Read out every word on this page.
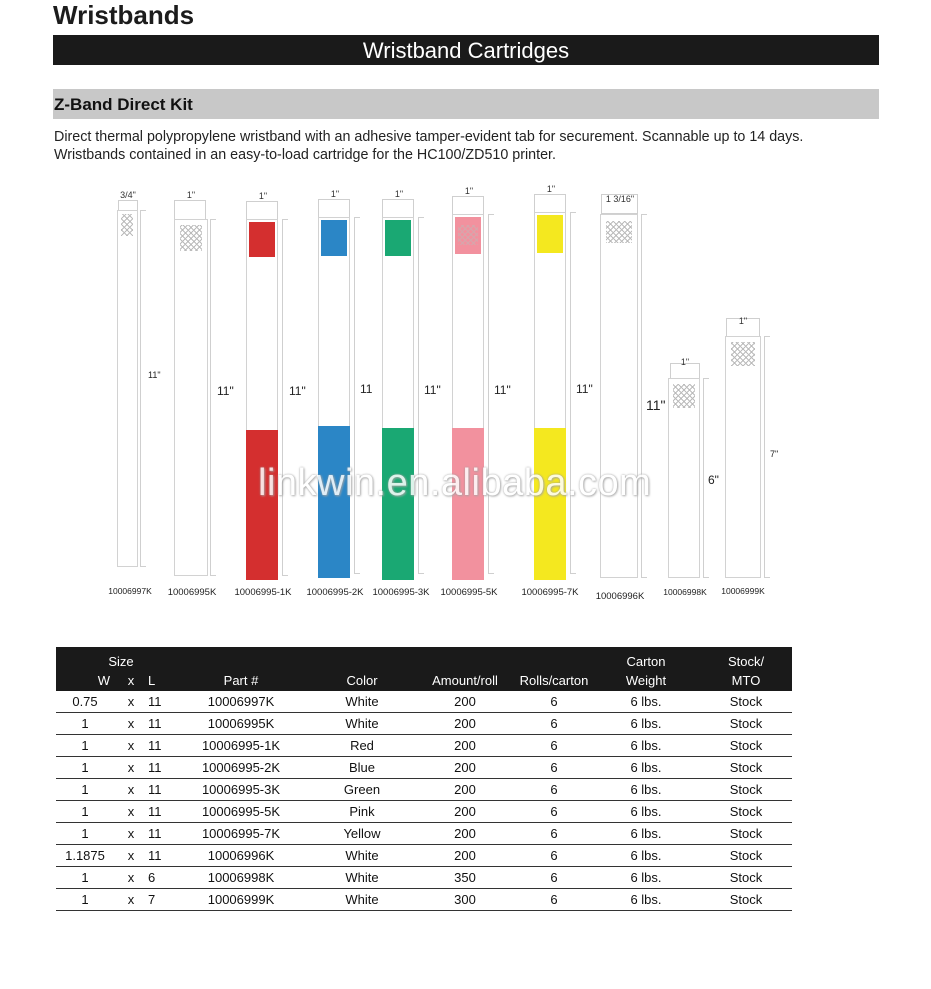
Wristbands
Wristband Cartridges
Z-Band Direct Kit
Direct thermal polypropylene wristband with an adhesive tamper-evident tab for securement. Scannable up to 14 days.
Wristbands contained in an easy-to-load cartridge for the HC100/ZD510 printer.
3/4"
11"
10006997K
1"
11"
10006995K
1"
11"
10006995-1K
1"
11
10006995-2K
1"
11"
10006995-3K
1"
11"
10006995-5K
1"
11"
10006995-7K
1 3/16"
11"
10006996K
1"
6"
10006998K
1"
7"
10006999K
linkwin.en.alibaba.com
Size							Carton	Stock/
W	x	L	Part #	Color	Amount/roll	Rolls/carton	Weight	MTO
0.75	x	11	10006997K	White	200	6	6 lbs.	Stock
1	x	11	10006995K	White	200	6	6 lbs.	Stock
1	x	11	10006995-1K	Red	200	6	6 lbs.	Stock
1	x	11	10006995-2K	Blue	200	6	6 lbs.	Stock
1	x	11	10006995-3K	Green	200	6	6 lbs.	Stock
1	x	11	10006995-5K	Pink	200	6	6 lbs.	Stock
1	x	11	10006995-7K	Yellow	200	6	6 lbs.	Stock
1.1875	x	11	10006996K	White	200	6	6 lbs.	Stock
1	x	6	10006998K	White	350	6	6 lbs.	Stock
1	x	7	10006999K	White	300	6	6 lbs.	Stock
